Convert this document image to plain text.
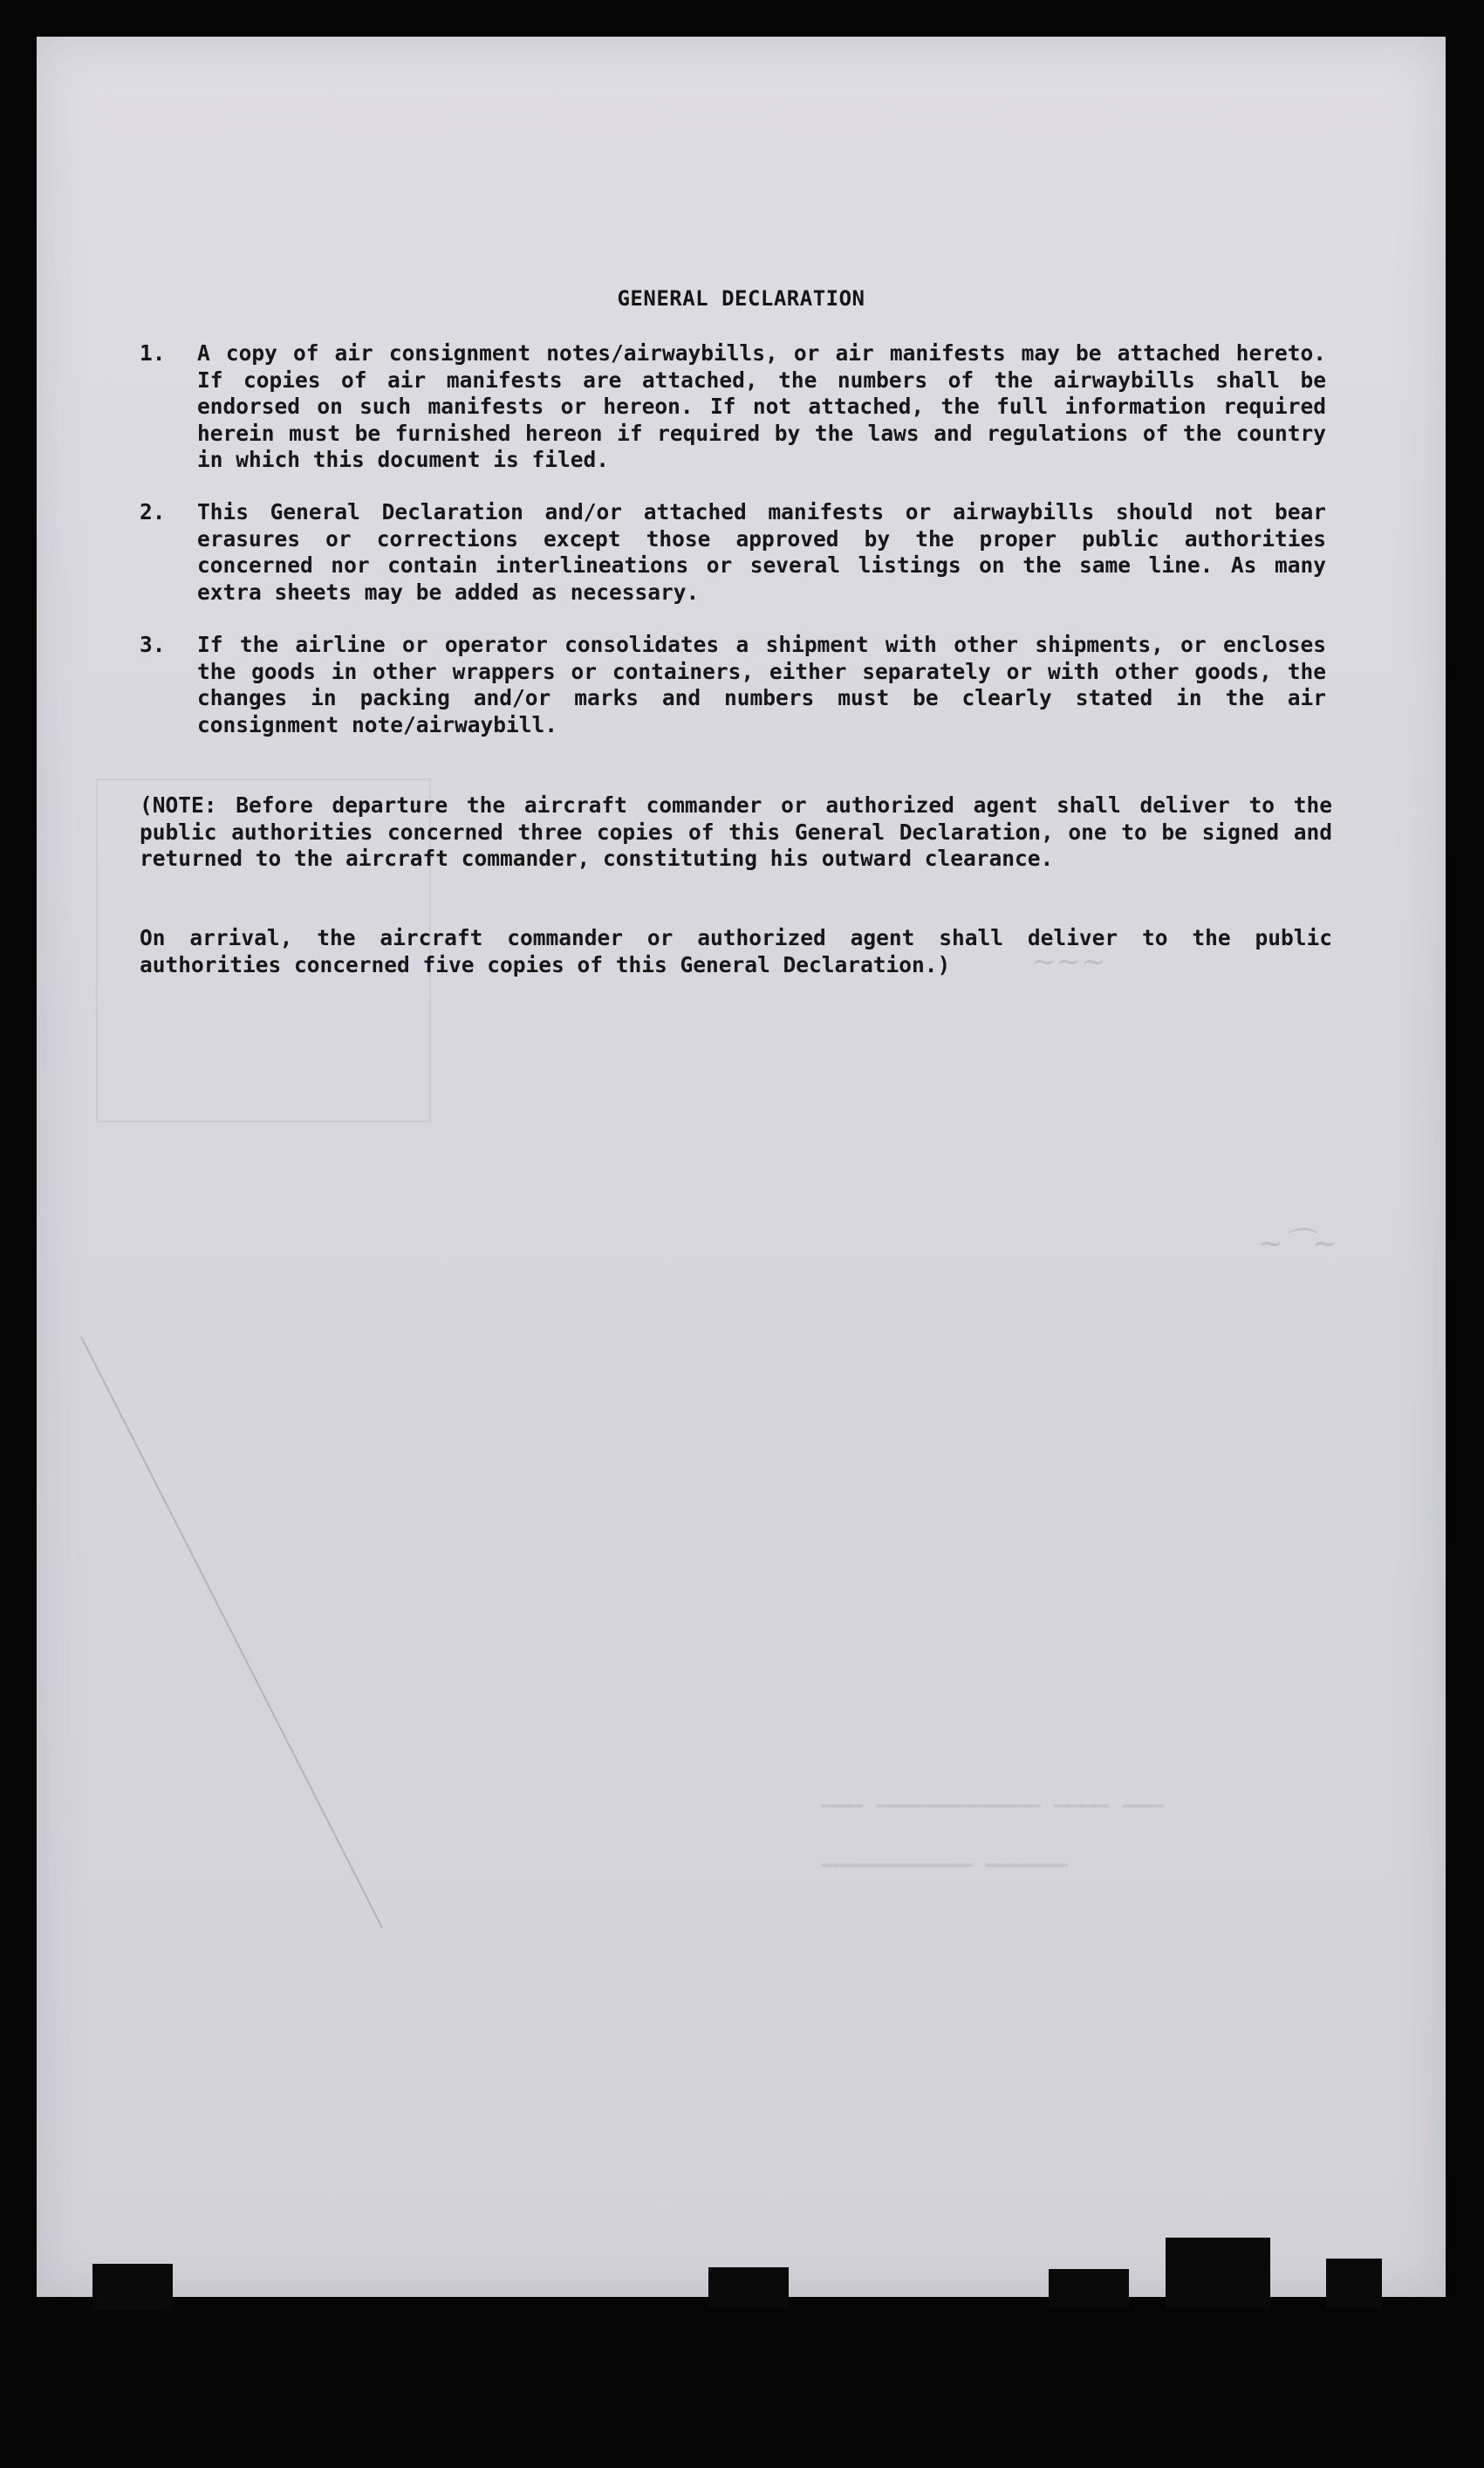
▁▁▁ ▁▁▁▁ ▁▁▁▁▁▁▁▁▁▁▁▁ ▁▁▁
▁▁▁▁▁▁ ▁▁▁▁▁▁▁▁▁▁▁
~~~
~⌒~
GENERAL DECLARATION
1. A copy of air consignment notes/airwaybills, or air manifests may be attached hereto. If copies of air manifests are attached, the numbers of the airwaybills shall be endorsed on such manifests or hereon. If not attached, the full information required herein must be furnished hereon if required by the laws and regulations of the country in which this document is filed.
2. This General Declaration and/or attached manifests or airwaybills should not bear erasures or corrections except those approved by the proper public authorities concerned nor contain interlineations or several listings on the same line. As many extra sheets may be added as necessary.
3. If the airline or operator consolidates a shipment with other shipments, or encloses the goods in other wrappers or containers, either separately or with other goods, the changes in packing and/or marks and numbers must be clearly stated in the air consignment note/airwaybill.
(NOTE: Before departure the aircraft commander or authorized agent shall deliver to the public authorities concerned three copies of this General Declaration, one to be signed and returned to the aircraft commander, constituting his outward clearance.
On arrival, the aircraft commander or authorized agent shall deliver to the public authorities concerned five copies of this General Declaration.)
